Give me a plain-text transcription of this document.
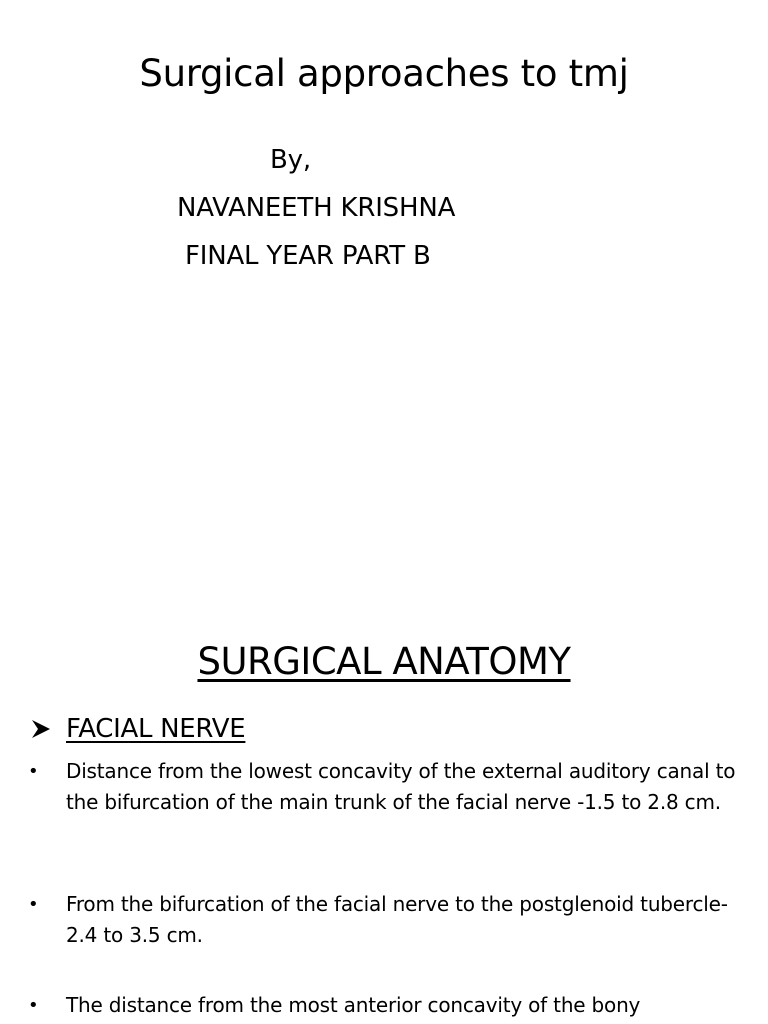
Surgical approaches to tmj
By,
NAVANEETH KRISHNA
FINAL YEAR PART B
SURGICAL ANATOMY
FACIAL NERVE
•	Distance from the lowest concavity of the external auditory canal to the bifurcation of the main trunk of the facial nerve -1.5 to 2.8 cm.
•	From the bifurcation of the facial nerve to the postglenoid tubercle- 2.4 to 3.5 cm.
•	The distance from the most anterior concavity of the bony
